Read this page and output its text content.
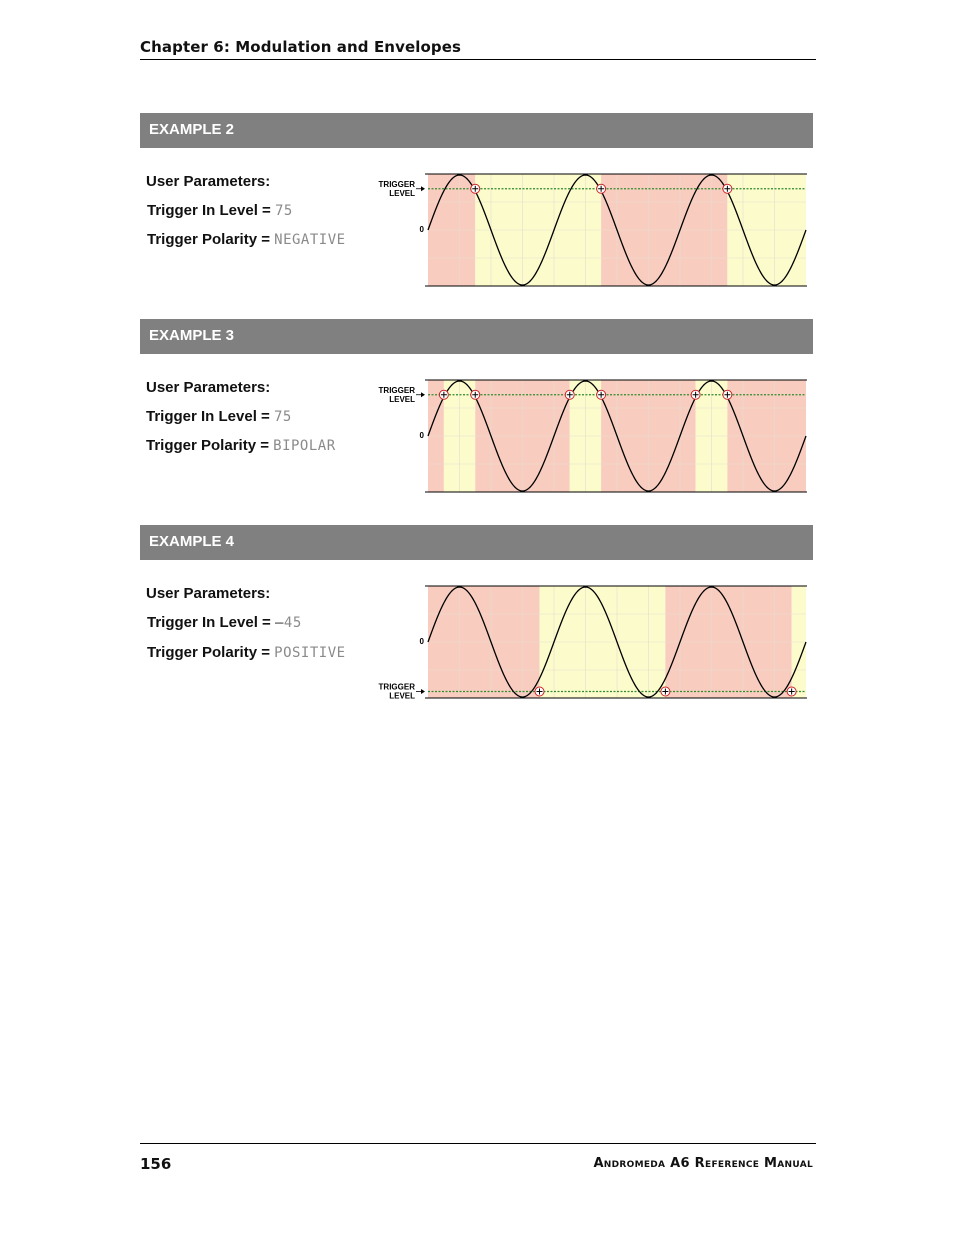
Chapter 6: Modulation and Envelopes
EXAMPLE 2
User Parameters:
Trigger In Level = 75
Trigger Polarity = NEGATIVE
TRIGGER
LEVEL
0
EXAMPLE 3
User Parameters:
Trigger In Level = 75
Trigger Polarity = BIPOLAR
TRIGGER
LEVEL
0
EXAMPLE 4
User Parameters:
Trigger In Level = –45
Trigger Polarity = POSITIVE
TRIGGER
LEVEL
0
156	Andromeda A6 Reference Manual
